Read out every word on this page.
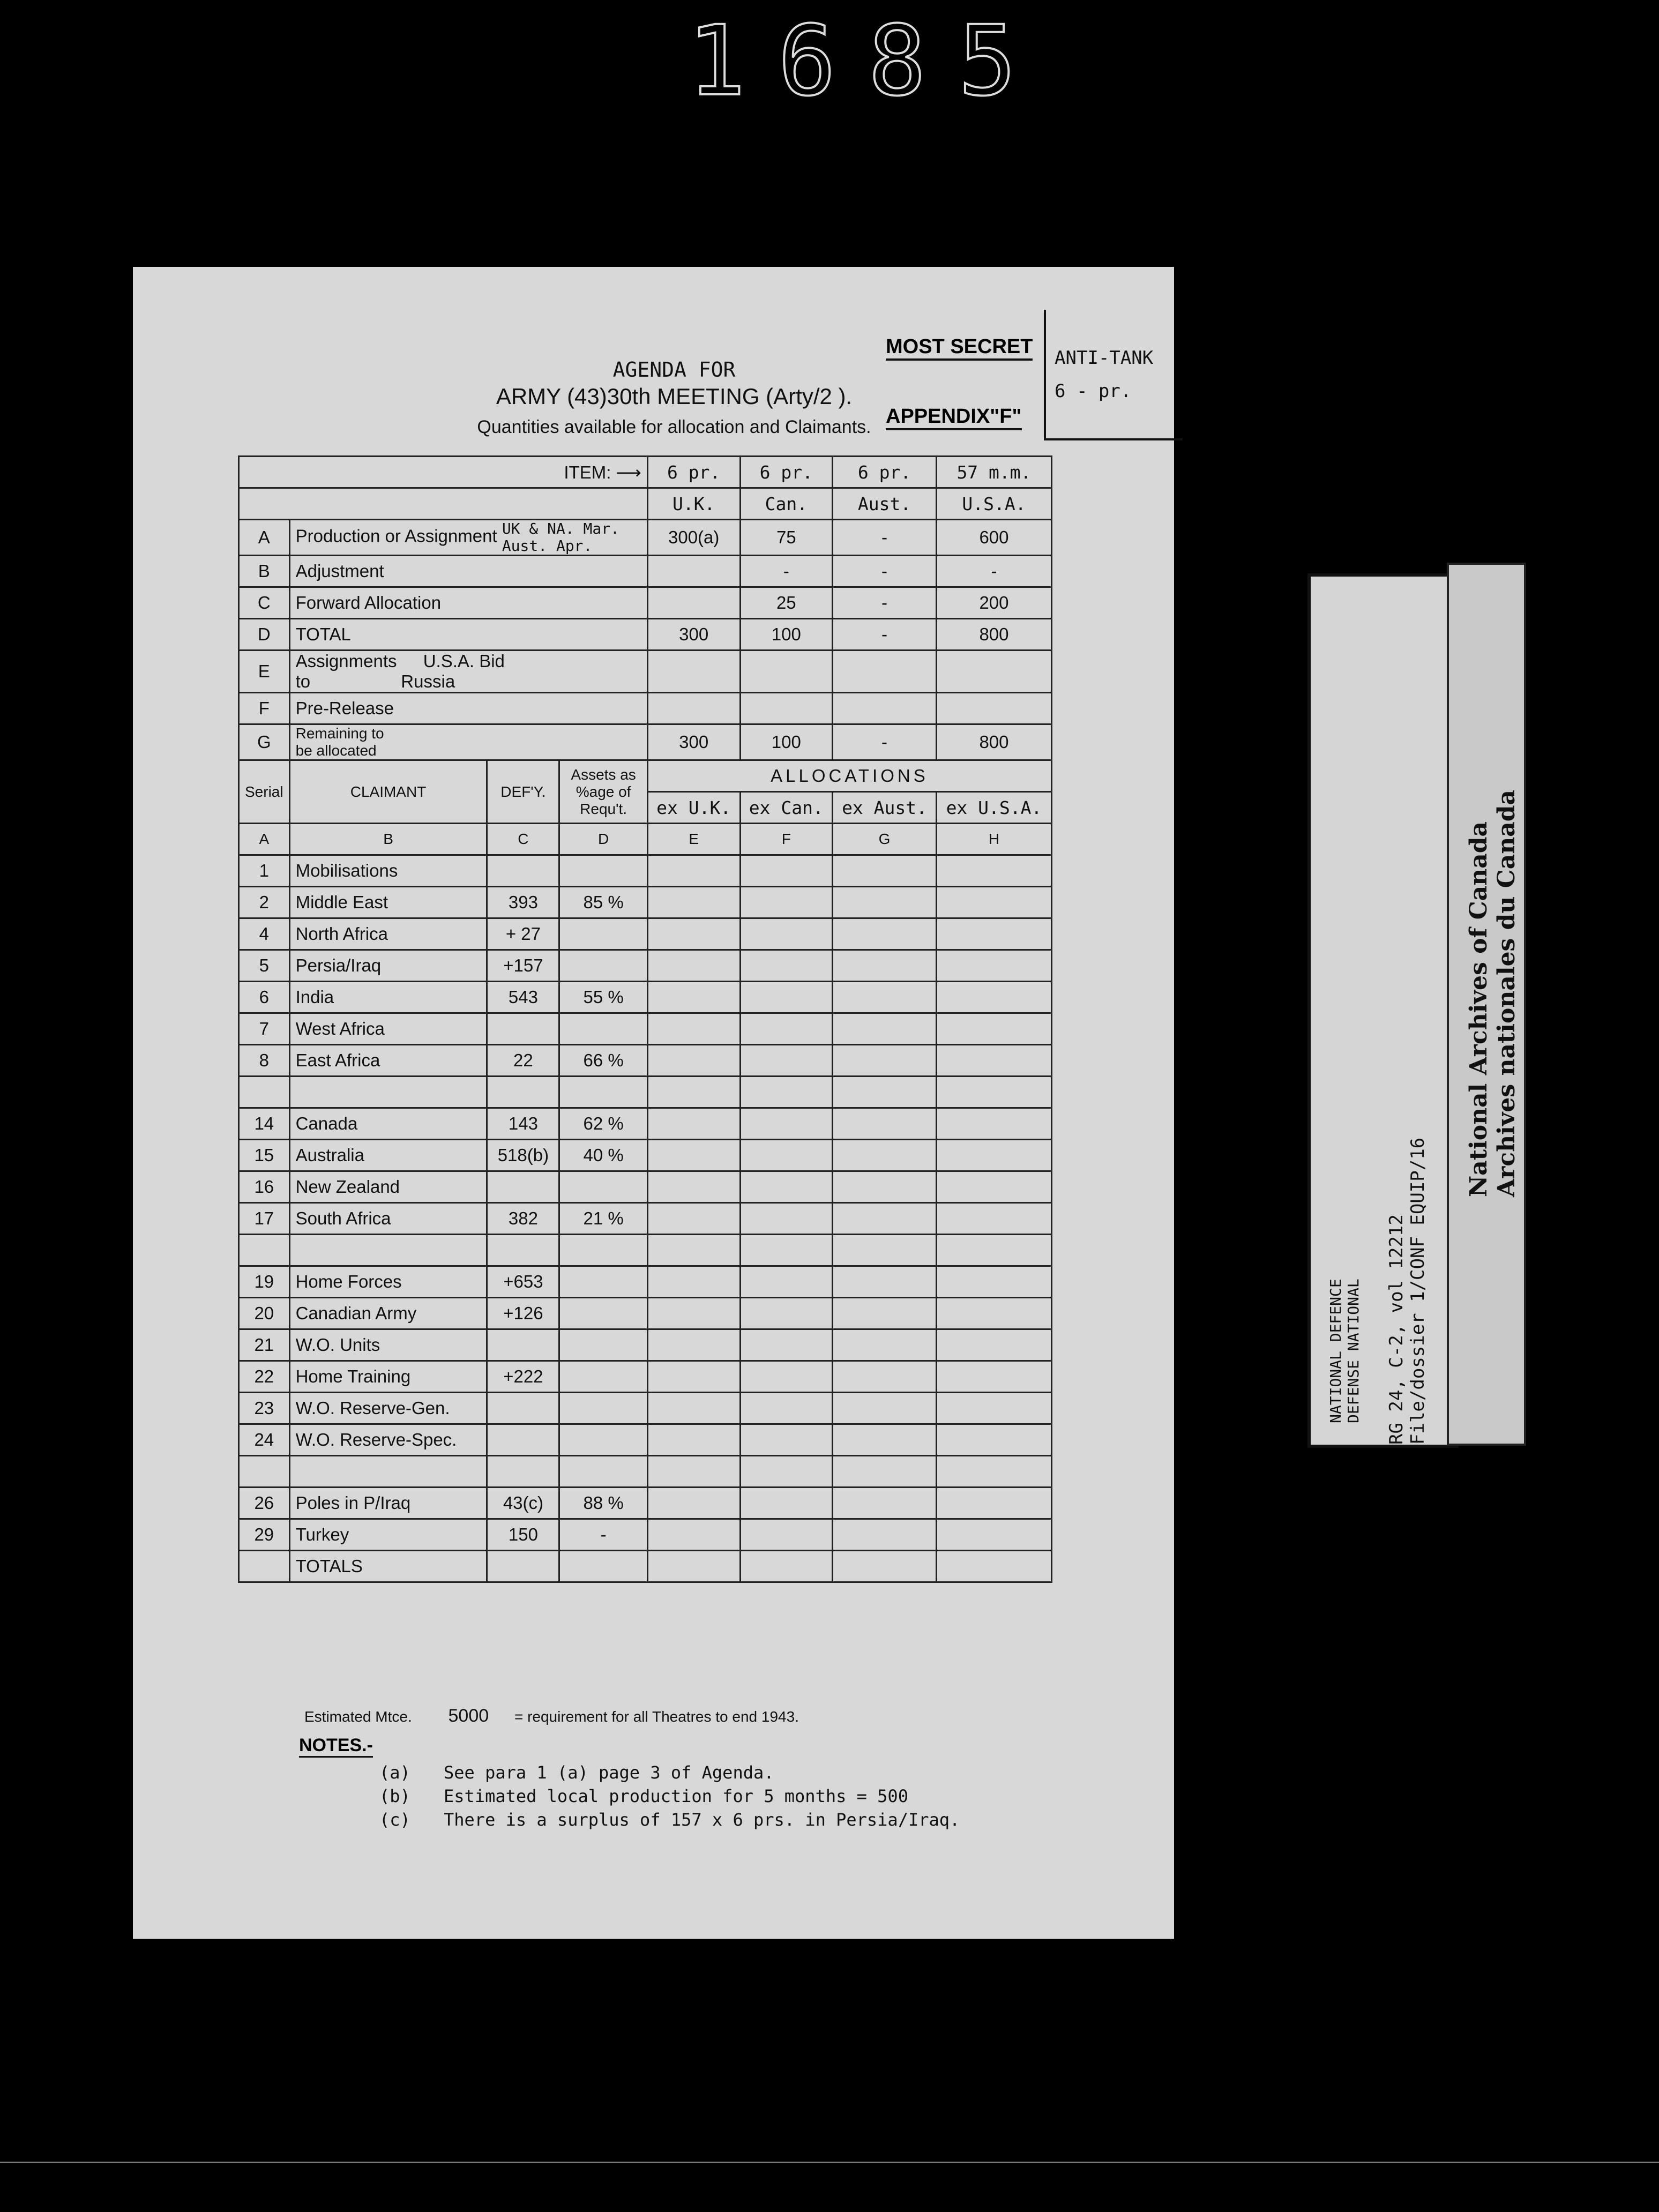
1685
AGENDA FOR
ARMY (43)30th MEETING (Arty/2 ).
Quantities available for allocation and Claimants.
MOST SECRET
APPENDIX"F"
ANTI-TANK
6 - pr.
ITEM: ⟶				6 pr.	6 pr.	6 pr.	57 m.m.
				U.K.	Can.	Aust.	U.S.A.
A	Production or Assignment UK & NA. Mar.
Aust. Apr.			300(a)	75	-	600
B	Adjustment				-	-	-
C	Forward Allocation				25	-	200
D	TOTAL			300	100	-	800
E	Assignments U.S.A. Bid
to Russia						
F	Pre-Release						
G	Remaining to
be allocated			300	100	-	800
Serial	CLAIMANT	DEF'Y.	Assets as
%age of
Requ't.	ALLOCATIONS			
				ex U.K.	ex Can.	ex Aust.	ex U.S.A.
A	B	C	D	E	F	G	H
1	Mobilisations						
2	Middle East	393	85 %				
4	North Africa	+ 27					
5	Persia/Iraq	+157					
6	India	543	55 %				
7	West Africa						
8	East Africa	22	66 %				

14	Canada	143	62 %				
15	Australia	518(b)	40 %				
16	New Zealand						
17	South Africa	382	21 %				

19	Home Forces	+653					
20	Canadian Army	+126					
21	W.O. Units						
22	Home Training	+222					
23	W.O. Reserve-Gen.						
24	W.O. Reserve-Spec.						

26	Poles in P/Iraq	43(c)	88 %				
29	Turkey	150	-				
	TOTALS						
Estimated Mtce. 5000 = requirement for all Theatres to end 1943.
NOTES.-
(a) See para 1 (a) page 3 of Agenda.
(b) Estimated local production for 5 months = 500
(c) There is a surplus of 157 x 6 prs. in Persia/Iraq.
RG 24, C-2, vol 12212 File/dossier 1/CONF EQUIP/16
NATIONAL DEFENCE DEFENSE NATIONAL
National Archives of Canada Archives nationales du Canada
